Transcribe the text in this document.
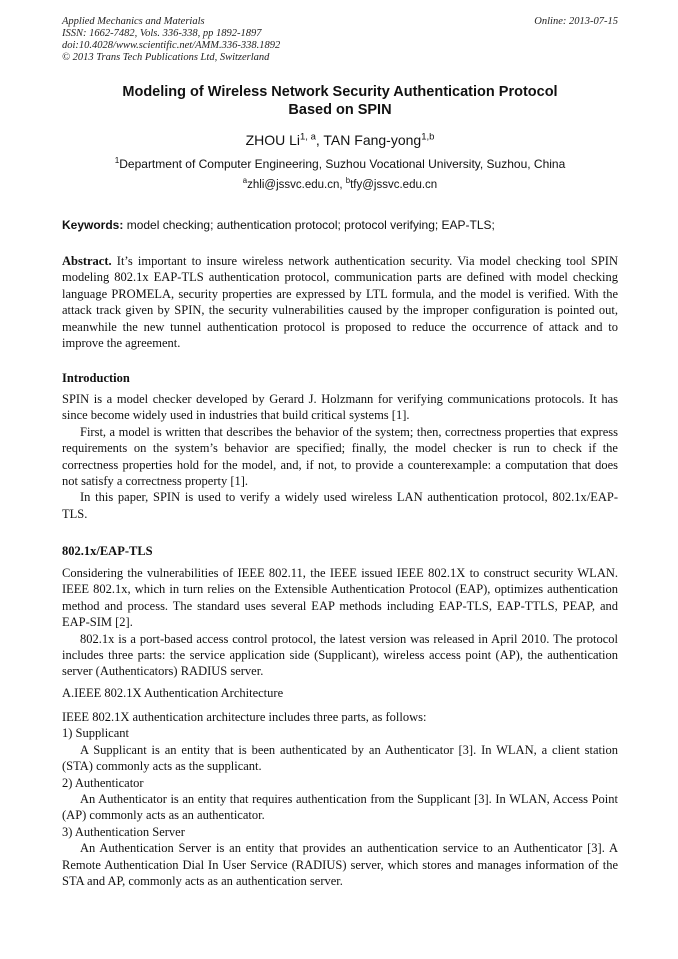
Applied Mechanics and Materials
ISSN: 1662-7482, Vols. 336-338, pp 1892-1897
doi:10.4028/www.scientific.net/AMM.336-338.1892
© 2013 Trans Tech Publications Ltd, Switzerland
Online: 2013-07-15
Modeling of Wireless Network Security Authentication Protocol
Based on SPIN
ZHOU Li$^{1, a}$, TAN Fang-yong$^{1,b}$
$^1$Department of Computer Engineering, Suzhou Vocational University, Suzhou, China
$^a$zhli@jssvc.edu.cn, $^b$tfy@jssvc.edu.cn
Keywords: model checking; authentication protocol; protocol verifying; EAP-TLS;

Abstract. It’s important to insure wireless network authentication security. Via model checking tool SPIN modeling 802.1x EAP-TLS authentication protocol, communication parts are defined with model checking language PROMELA, security properties are expressed by LTL formula, and the model is verified. With the attack track given by SPIN, the security vulnerabilities caused by the improper configuration is pointed out, meanwhile the new tunnel authentication protocol is proposed to reduce the occurrence of attack and to improve the agreement.

Introduction

SPIN is a model checker developed by Gerard J. Holzmann for verifying communications protocols. It has since become widely used in industries that build critical systems [1].

First, a model is written that describes the behavior of the system; then, correctness properties that express requirements on the system’s behavior are specified; finally, the model checker is run to check if the correctness properties hold for the model, and, if not, to provide a counterexample: a computation that does not satisfy a correctness property [1].

In this paper, SPIN is used to verify a widely used wireless LAN authentication protocol, 802.1x/EAP-TLS.

802.1x/EAP-TLS

Considering the vulnerabilities of IEEE 802.11, the IEEE issued IEEE 802.1X to construct security WLAN. IEEE 802.1x, which in turn relies on the Extensible Authentication Protocol (EAP), optimizes authentication method and process. The standard uses several EAP methods including EAP-TLS, EAP-TTLS, PEAP, and EAP-SIM [2].

802.1x is a port-based access control protocol, the latest version was released in April 2010. The protocol includes three parts: the service application side (Supplicant), wireless access point (AP), the authentication server (Authenticators) RADIUS server.

A.IEEE 802.1X Authentication Architecture

IEEE 802.1X authentication architecture includes three parts, as follows:

1) Supplicant

A Supplicant is an entity that is been authenticated by an Authenticator [3]. In WLAN, a client station (STA) commonly acts as the supplicant.

2) Authenticator

An Authenticator is an entity that requires authentication from the Supplicant [3]. In WLAN, Access Point (AP) commonly acts as an authenticator.

3) Authentication Server

An Authentication Server is an entity that provides an authentication service to an Authenticator [3]. A Remote Authentication Dial In User Service (RADIUS) server, which stores and manages information of the STA and AP, commonly acts as an authentication server.
